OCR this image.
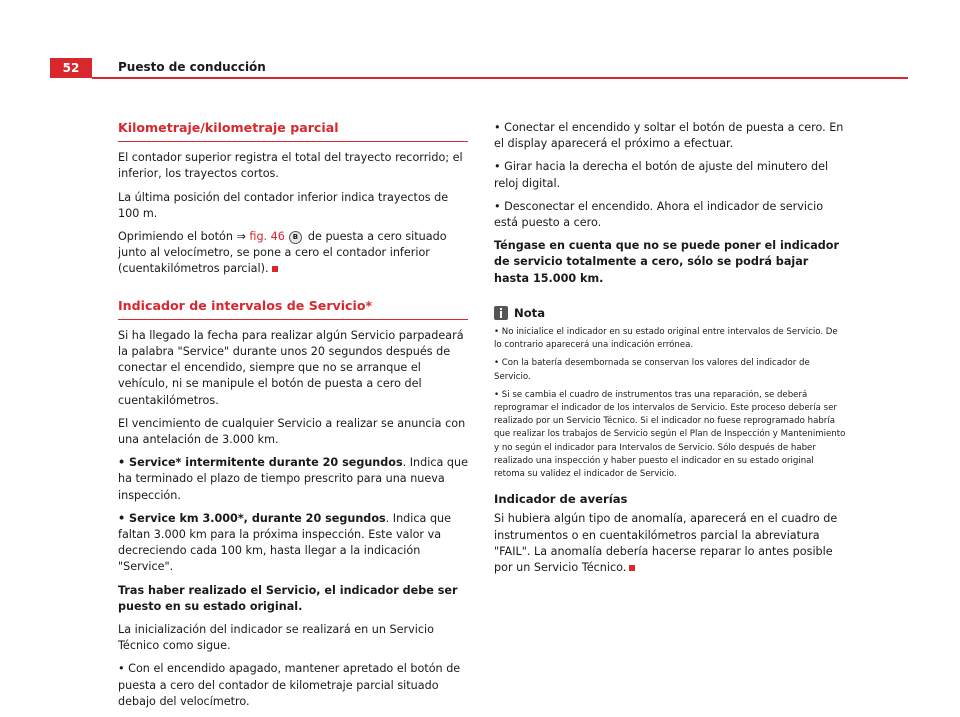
52	Puesto de conducción
Kilometraje/kilometraje parcial

El contador superior registra el total del trayecto recorrido; el inferior, los trayectos cortos.

La última posición del contador inferior indica trayectos de 100 m.

Oprimiendo el botón ⇒ fig. 46 B de puesta a cero situado junto al velocímetro, se pone a cero el contador inferior (cuentakilómetros parcial).

Indicador de intervalos de Servicio*

Si ha llegado la fecha para realizar algún Servicio parpadeará la palabra "Service" durante unos 20 segundos después de conectar el encendido, siempre que no se arranque el vehículo, ni se manipule el botón de puesta a cero del cuentakilómetros.

El vencimiento de cualquier Servicio a realizar se anuncia con una antelación de 3.000 km.

• Service* intermitente durante 20 segundos. Indica que ha terminado el plazo de tiempo prescrito para una nueva inspección.

• Service km 3.000*, durante 20 segundos. Indica que faltan 3.000 km para la próxima inspección. Este valor va decreciendo cada 100 km, hasta llegar a la indicación "Service".

Tras haber realizado el Servicio, el indicador debe ser puesto en su estado original.

La inicialización del indicador se realizará en un Servicio Técnico como sigue.

• Con el encendido apagado, mantener apretado el botón de puesta a cero del contador de kilometraje parcial situado debajo del velocímetro.

• Conectar el encendido y soltar el botón de puesta a cero. En el display aparecerá el próximo a efectuar.

• Girar hacia la derecha el botón de ajuste del minutero del reloj digital.

• Desconectar el encendido. Ahora el indicador de servicio está puesto a cero.

Téngase en cuenta que no se puede poner el indicador de servicio totalmente a cero, sólo se podrá bajar hasta 15.000 km.

Nota

• No inicialice el indicador en su estado original entre intervalos de Servicio. De lo contrario aparecerá una indicación errónea.

• Con la batería desembornada se conservan los valores del indicador de Servicio.

• Si se cambia el cuadro de instrumentos tras una reparación, se deberá reprogramar el indicador de los intervalos de Servicio. Este proceso debería ser realizado por un Servicio Técnico. Si el indicador no fuese reprogramado habría que realizar los trabajos de Servicio según el Plan de Inspección y Mantenimiento y no según el indicador para Intervalos de Servicio. Sólo después de haber realizado una inspección y haber puesto el indicador en su estado original retoma su validez el indicador de Servicio.

Indicador de averías

Si hubiera algún tipo de anomalía, aparecerá en el cuadro de instrumentos o en cuentakilómetros parcial la abreviatura "FAIL". La anomalía debería hacerse reparar lo antes posible por un Servicio Técnico.
